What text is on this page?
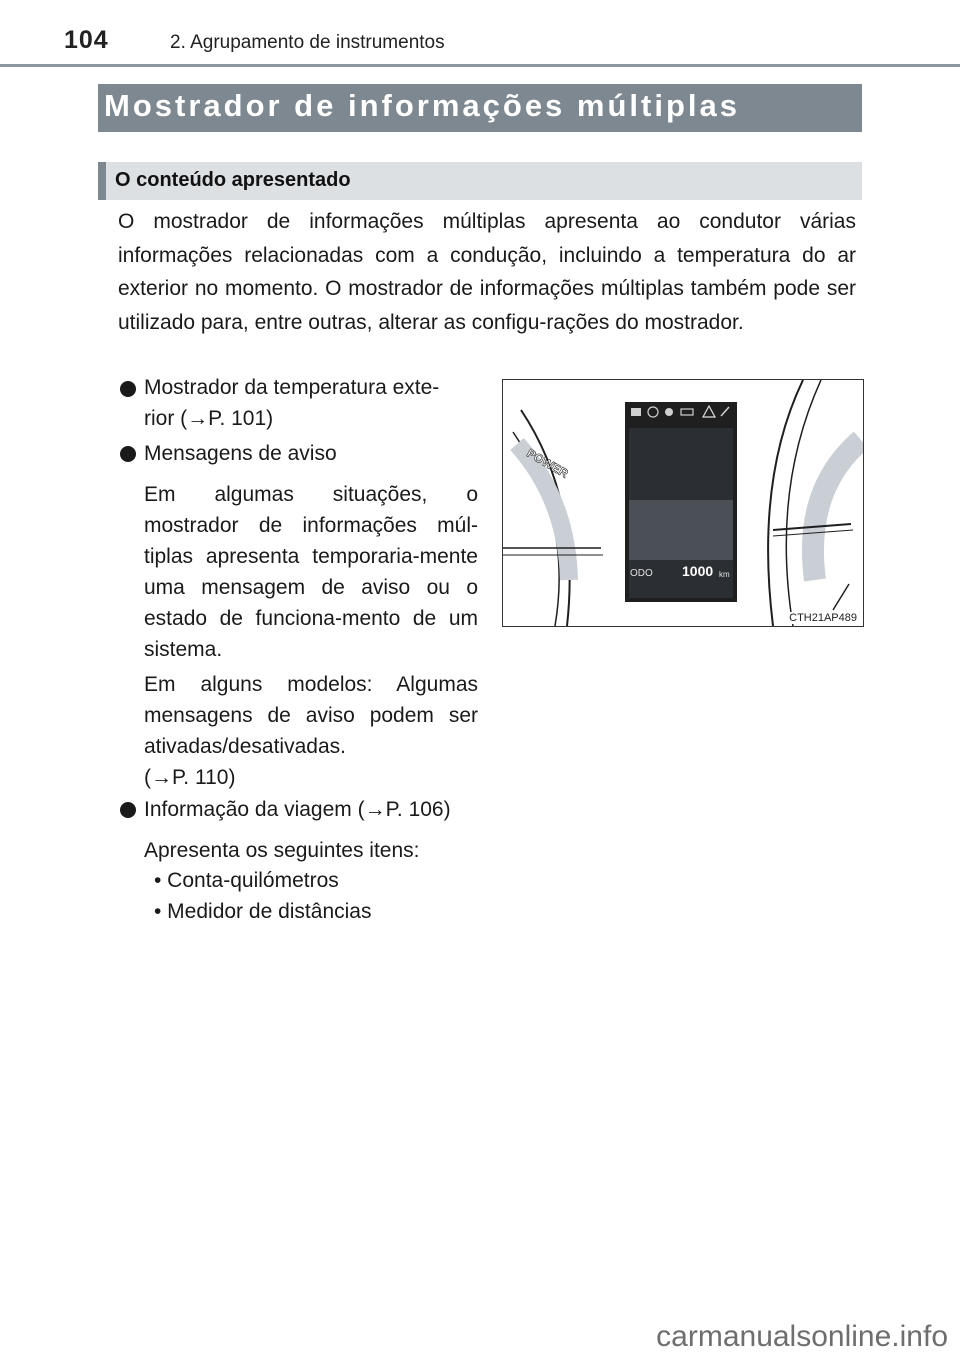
104	2. Agrupamento de instrumentos
Mostrador de informações múltiplas
O conteúdo apresentado

O mostrador de informações múltiplas apresenta ao condutor várias informações relacionadas com a condução, incluindo a temperatura do ar exterior no momento. O mostrador de informações múltiplas também pode ser utilizado para, entre outras, alterar as configu-rações do mostrador.

Mostrador da temperatura exte-
rior (→P. 101)
Mensagens de aviso
Em algumas situações, o mostrador de informações múl-tiplas apresenta temporaria-mente uma mensagem de aviso ou o estado de funciona-mento de um sistema.
Em alguns modelos: Algumas mensagens de aviso podem ser ativadas/desativadas.
(→P. 110)
Informação da viagem (→P. 106)
Apresenta os seguintes itens:
• Conta-quilómetros
• Medidor de distâncias
POWER
ODO 1000 km
CTH21AP489
carmanualsonline.info
